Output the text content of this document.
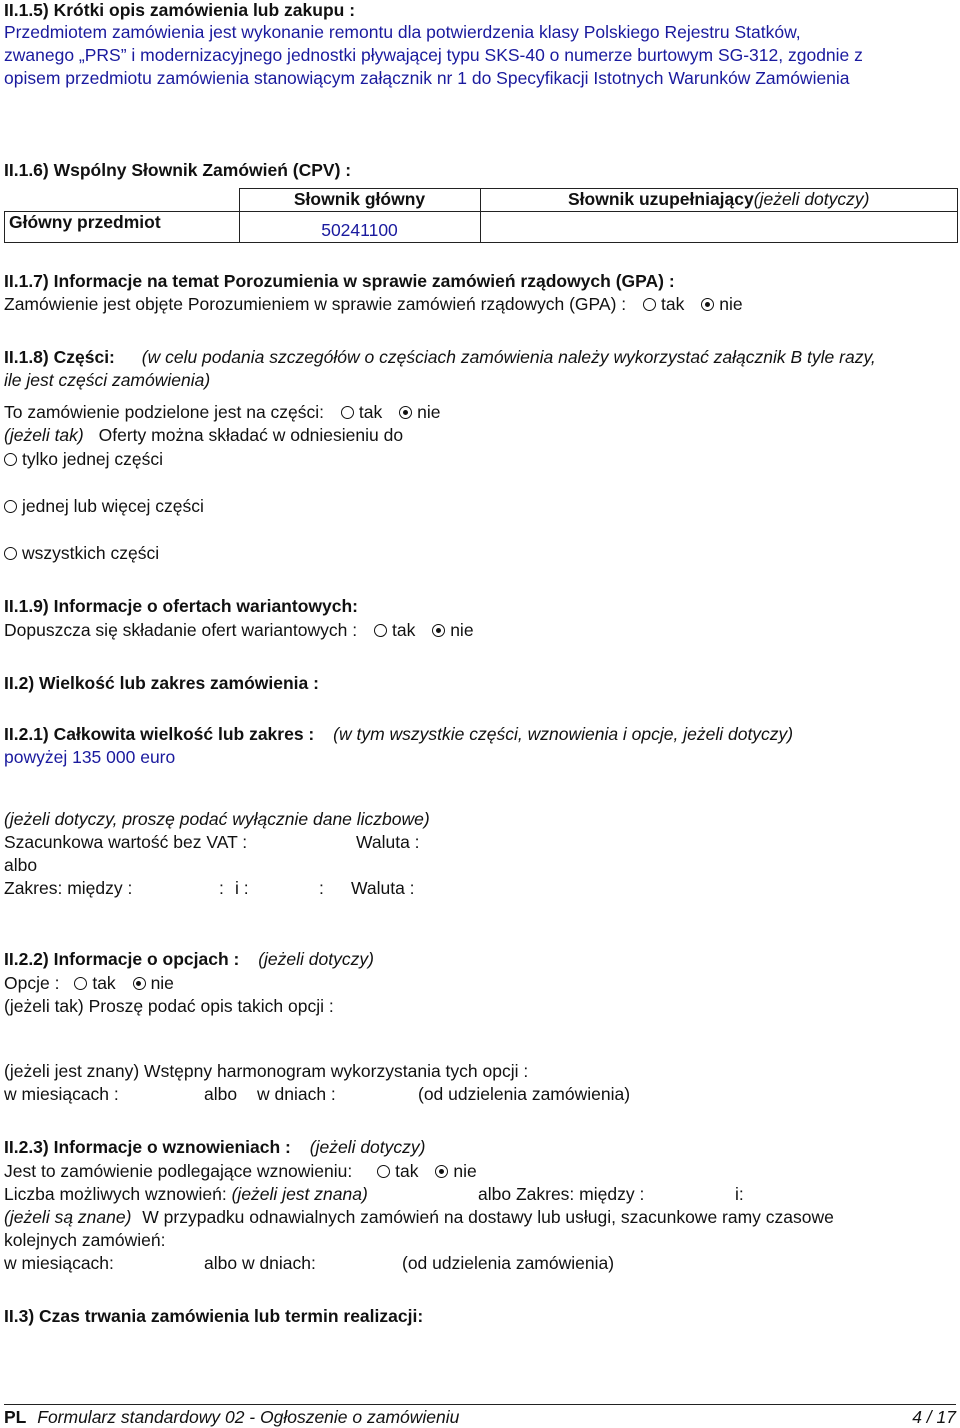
II.1.5) Krótki opis zamówienia lub zakupu :
Przedmiotem zamówienia jest wykonanie remontu dla potwierdzenia klasy Polskiego Rejestru Statków,
zwanego „PRS” i modernizacyjnego jednostki pływającej typu SKS-40 o numerze burtowym SG-312, zgodnie z
opisem przedmiotu zamówienia stanowiącym załącznik nr 1 do Specyfikacji Istotnych Warunków Zamówienia
II.1.6) Wspólny Słownik Zamówień (CPV) :
	Słownik główny	Słownik uzupełniający(jeżeli dotyczy)
Główny przedmiot	50241100	
II.1.7) Informacje na temat Porozumienia w sprawie zamówień rządowych (GPA) :
Zamówienie jest objęte Porozumieniem w sprawie zamówień rządowych (GPA) : tak nie
II.1.8) Części: (w celu podania szczegółów o częściach zamówienia należy wykorzystać załącznik B tyle razy,
ile jest części zamówienia)
To zamówienie podzielone jest na części: tak nie
(jeżeli tak) Oferty można składać w odniesieniu do
tylko jednej części
jednej lub więcej części
wszystkich części
II.1.9) Informacje o ofertach wariantowych:
Dopuszcza się składanie ofert wariantowych : tak nie
II.2) Wielkość lub zakres zamówienia :
II.2.1) Całkowita wielkość lub zakres : (w tym wszystkie części, wznowienia i opcje, jeżeli dotyczy)
powyżej 135 000 euro
(jeżeli dotyczy, proszę podać wyłącznie dane liczbowe)
Szacunkowa wartość bez VAT :	Waluta :
albo
Zakres: między :	: i :	: Waluta :
II.2.2) Informacje o opcjach : (jeżeli dotyczy)
Opcje : tak nie
(jeżeli tak) Proszę podać opis takich opcji :
(jeżeli jest znany) Wstępny harmonogram wykorzystania tych opcji :
w miesiącach :	albo w dniach :	(od udzielenia zamówienia)
II.2.3) Informacje o wznowieniach : (jeżeli dotyczy)
Jest to zamówienie podlegające wznowieniu: tak nie
Liczba możliwych wznowień: (jeżeli jest znana)	albo Zakres: między :	i:
(jeżeli są znane) W przypadku odnawialnych zamówień na dostawy lub usługi, szacunkowe ramy czasowe
kolejnych zamówień:
w miesiącach:	albo w dniach:	(od udzielenia zamówienia)
II.3) Czas trwania zamówienia lub termin realizacji:
PL Formularz standardowy 02 - Ogłoszenie o zamówieniu	4 / 17
